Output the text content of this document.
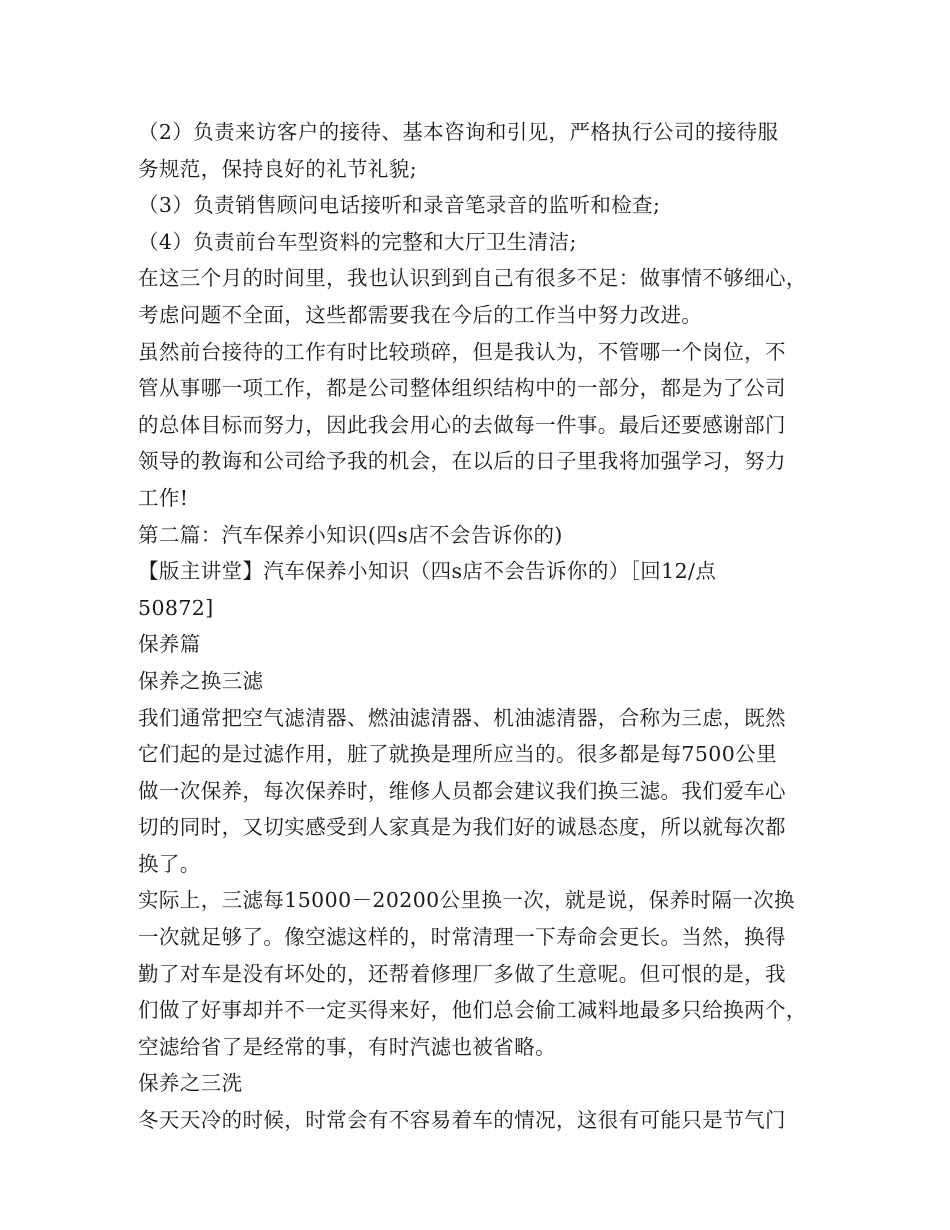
（2）负责来访客户的接待、基本咨询和引见，严格执行公司的接待服
务规范，保持良好的礼节礼貌;
（3）负责销售顾问电话接听和录音笔录音的监听和检查;
（4）负责前台车型资料的完整和大厅卫生清洁;
在这三个月的时间里，我也认识到到自己有很多不足：做事情不够细心，
考虑问题不全面，这些都需要我在今后的工作当中努力改进。
虽然前台接待的工作有时比较琐碎，但是我认为，不管哪一个岗位，不
管从事哪一项工作，都是公司整体组织结构中的一部分，都是为了公司
的总体目标而努力，因此我会用心的去做每一件事。最后还要感谢部门
领导的教诲和公司给予我的机会，在以后的日子里我将加强学习，努力
工作!
第二篇：汽车保养小知识(四s店不会告诉你的)
【版主讲堂】汽车保养小知识（四s店不会告诉你的）［回12/点
50872]
保养篇
保养之换三滤
我们通常把空气滤清器、燃油滤清器、机油滤清器，合称为三虑，既然
它们起的是过滤作用，脏了就换是理所应当的。很多都是每7500公里
做一次保养，每次保养时，维修人员都会建议我们换三滤。我们爱车心
切的同时，又切实感受到人家真是为我们好的诚恳态度，所以就每次都
换了。
实际上，三滤每15000－20200公里换一次，就是说，保养时隔一次换
一次就足够了。像空滤这样的，时常清理一下寿命会更长。当然，换得
勤了对车是没有坏处的，还帮着修理厂多做了生意呢。但可恨的是，我
们做了好事却并不一定买得来好，他们总会偷工减料地最多只给换两个，
空滤给省了是经常的事，有时汽滤也被省略。
保养之三洗
冬天天冷的时候，时常会有不容易着车的情况，这很有可能只是节气门
